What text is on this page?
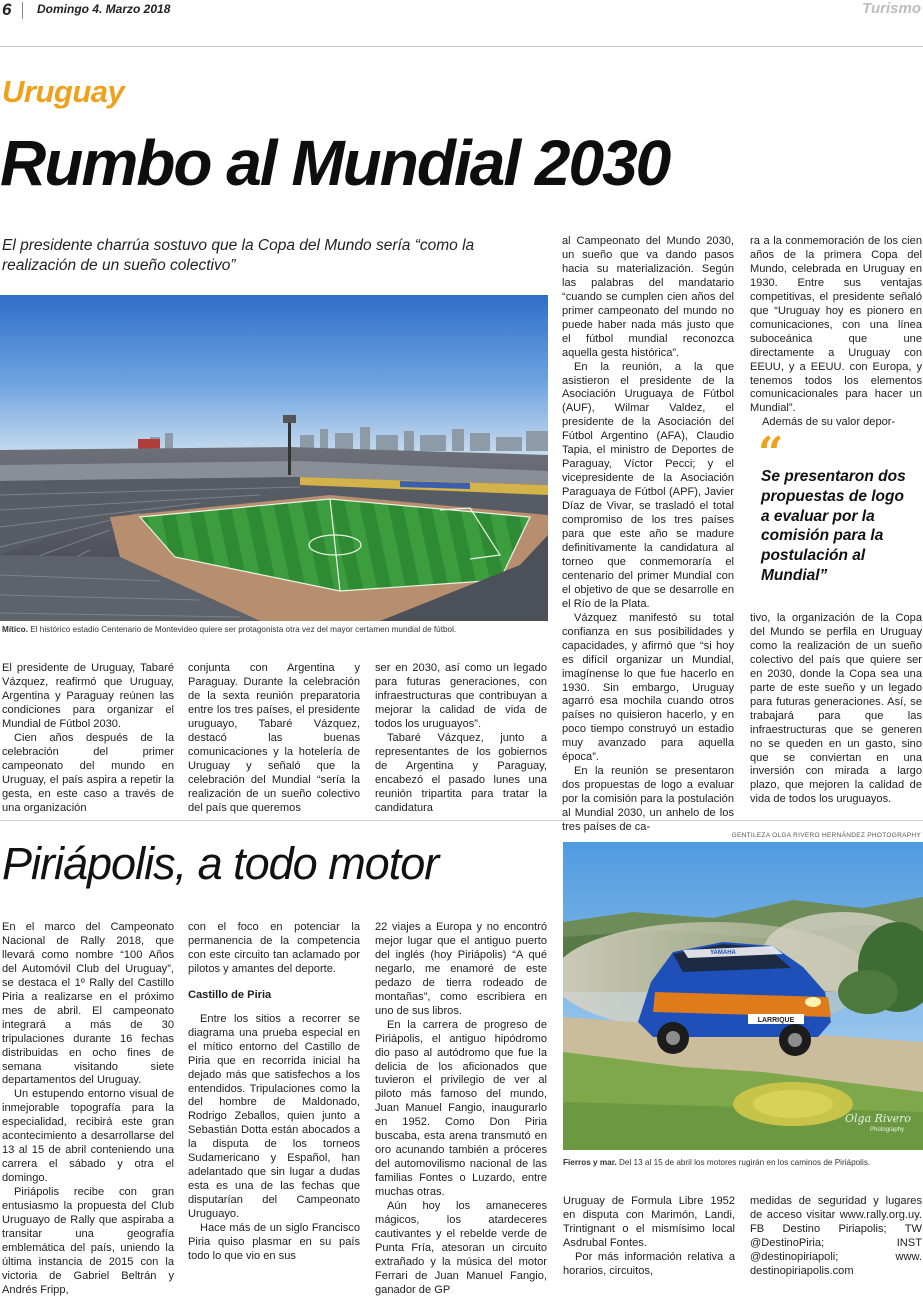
6 Domingo 4. Marzo 2018	Turismo
Uruguay
Rumbo al Mundial 2030
El presidente charrúa sostuvo que la Copa del Mundo sería “como la realización de un sueño colectivo”
Mítico. El histórico estadio Centenario de Montevideo quiere ser protagonista otra vez del mayor certamen mundial de fútbol.

El presidente de Uruguay, Tabaré Vázquez, reafirmó que Uruguay, Argentina y Paraguay reúnen las condiciones para organizar el Mundial de Fútbol 2030.

Cien años después de la celebración del primer campeonato del mundo en Uruguay, el país aspira a repetir la gesta, en este caso a través de una organización

conjunta con Argentina y Paraguay. Durante la celebración de la sexta reunión preparatoria entre los tres países, el presidente uruguayo, Tabaré Vázquez, destacó las buenas comunicaciones y la hotelería de Uruguay y señaló que la celebración del Mundial “sería la realización de un sueño colectivo del país que queremos

ser en 2030, así como un legado para futuras generaciones, con infraestructuras que contribuyan a mejorar la calidad de vida de todos los uruguayos”.

Tabaré Vázquez, junto a representantes de los gobiernos de Argentina y Paraguay, encabezó el pasado lunes una reunión tripartita para tratar la candidatura

al Campeonato del Mundo 2030, un sueño que va dando pasos hacia su materialización. Según las palabras del mandatario “cuando se cumplen cien años del primer campeonato del mundo no puede haber nada más justo que el fútbol mundial reconozca aquella gesta histórica”.

En la reunión, a la que asistieron el presidente de la Asociación Uruguaya de Fútbol (AUF), Wilmar Valdez, el presidente de la Asociación del Fútbol Argentino (AFA), Claudio Tapia, el ministro de Deportes de Paraguay, Víctor Pecci; y el vicepresidente de la Asociación Paraguaya de Fútbol (APF), Javier Díaz de Vivar, se trasladó el total compromiso de los tres países para que este año se madure definitivamente la candidatura al torneo que conmemoraría el centenario del primer Mundial con el objetivo de que se desarrolle en el Río de la Plata.

Vázquez manifestó su total confianza en sus posibilidades y capacidades, y afirmó que “si hoy es difícil organizar un Mundial, imagínense lo que fue hacerlo en 1930. Sin embargo, Uruguay agarró esa mochila cuando otros países no quisieron hacerlo, y en poco tiempo construyó un estadio muy avanzado para aquella época”.

En la reunión se presentaron dos propuestas de logo a evaluar por la comisión para la postulación al Mundial 2030, un anhelo de los tres países de ca-

ra a la conmemoración de los cien años de la primera Copa del Mundo, celebrada en Uruguay en 1930. Entre sus ventajas competitivas, el presidente señaló que “Uruguay hoy es pionero en comunicaciones, con una línea suboceánica que une directamente a Uruguay con EEUU, y a EEUU. con Europa, y tenemos todos los elementos comunicacionales para hacer un Mundial”.

Además de su valor depor-

“
Se presentaron dos propuestas de logo a evaluar por la comisión para la postulación al Mundial”

tivo, la organización de la Copa del Mundo se perfila en Uruguay como la realización de un sueño colectivo del país que quiere ser en 2030, donde la Copa sea una parte de este sueño y un legado para futuras generaciones. Así, se trabajará para que las infraestructuras que se generen no se queden en un gasto, sino que se conviertan en una inversión con mirada a largo plazo, que mejoren la calidad de vida de todos los uruguayos.

GENTILEZA OLGA RIVERO HERNÁNDEZ PHOTOGRAPHY
Piriápolis, a todo motor
LARRIQUE
YAMAHA
Olga Rivero
Photography
Fierros y mar. Del 13 al 15 de abril los motores rugirán en los caminos de Piriápolis.

En el marco del Campeonato Nacional de Rally 2018, que llevará como nombre “100 Años del Automóvil Club del Uruguay”, se destaca el 1º Rally del Castillo Piria a realizarse en el próximo mes de abril. El campeonato integrará a más de 30 tripulaciones durante 16 fechas distribuidas en ocho fines de semana visitando siete departamentos del Uruguay.

Un estupendo entorno visual de inmejorable topografía para la especialidad, recibirá este gran acontecimiento a desarrollarse del 13 al 15 de abril conteniendo una carrera el sábado y otra el domingo.

Piriápolis recibe con gran entusiasmo la propuesta del Club Uruguayo de Rally que aspiraba a transitar una geografía emblemática del país, uniendo la última instancia de 2015 con la victoria de Gabriel Beltrán y Andrés Fripp,

con el foco en potenciar la permanencia de la competencia con este circuito tan aclamado por pilotos y amantes del deporte.

Castillo de Piria

Entre los sitios a recorrer se diagrama una prueba especial en el mítico entorno del Castillo de Piria que en recorrida inicial ha dejado más que satisfechos a los entendidos. Tripulaciones como la del hombre de Maldonado, Rodrigo Zeballos, quien junto a Sebastián Dotta están abocados a la disputa de los torneos Sudamericano y Español, han adelantado que sin lugar a dudas esta es una de las fechas que disputarían del Campeonato Uruguayo.

Hace más de un siglo Francisco Piria quiso plasmar en su país todo lo que vio en sus

22 viajes a Europa y no encontró mejor lugar que el antiguo puerto del inglés (hoy Piriápolis) “A qué negarlo, me enamoré de este pedazo de tierra rodeado de montañas”, como escribiera en uno de sus libros.

En la carrera de progreso de Piriápolis, el antiguo hipódromo dio paso al autódromo que fue la delicia de los aficionados que tuvieron el privilegio de ver al piloto más famoso del mundo, Juan Manuel Fangio, inaugurarlo en 1952. Como Don Piria buscaba, esta arena transmutó en oro acunando también a próceres del automovilismo nacional de las familias Fontes o Luzardo, entre muchas otras.

Aún hoy los amaneceres mágicos, los atardeceres cautivantes y el rebelde verde de Punta Fría, atesoran un circuito extrañado y la música del motor Ferrari de Juan Manuel Fangio, ganador de GP

Uruguay de Formula Libre 1952 en disputa con Marimón, Landi, Trintignant o el mismísimo local Asdrubal Fontes.

Por más información relativa a horarios, circuitos,

medidas de seguridad y lugares de acceso visitar www.rally.org.uy. FB Destino Piriapolis; TW @DestinoPiria; INST @destinopiriapoli; www. destinopiriapolis.com
